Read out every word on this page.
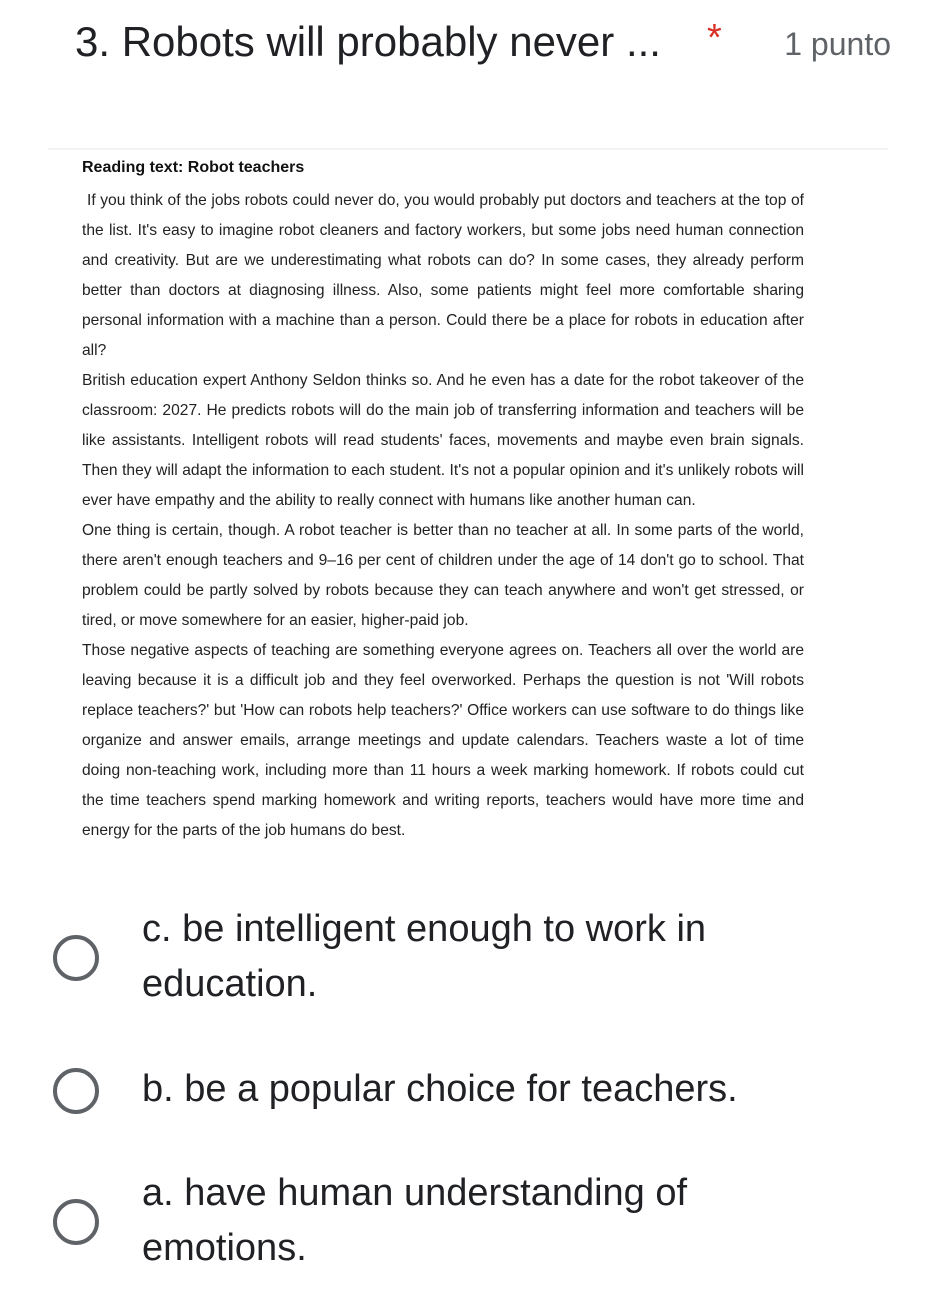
3. Robots will probably never ... * 1 punto
Reading text: Robot teachers

If you think of the jobs robots could never do, you would probably put doctors and teachers at the top of the list. It's easy to imagine robot cleaners and factory workers, but some jobs need human connection and creativity. But are we underestimating what robots can do? In some cases, they already perform better than doctors at diagnosing illness. Also, some patients might feel more comfortable sharing personal information with a machine than a person. Could there be a place for robots in education after all?

British education expert Anthony Seldon thinks so. And he even has a date for the robot takeover of the classroom: 2027. He predicts robots will do the main job of transferring information and teachers will be like assistants. Intelligent robots will read students' faces, movements and maybe even brain signals. Then they will adapt the information to each student. It's not a popular opinion and it's unlikely robots will ever have empathy and the ability to really connect with humans like another human can.

One thing is certain, though. A robot teacher is better than no teacher at all. In some parts of the world, there aren't enough teachers and 9–16 per cent of children under the age of 14 don't go to school. That problem could be partly solved by robots because they can teach anywhere and won't get stressed, or tired, or move somewhere for an easier, higher-paid job.

Those negative aspects of teaching are something everyone agrees on. Teachers all over the world are leaving because it is a difficult job and they feel overworked. Perhaps the question is not 'Will robots replace teachers?' but 'How can robots help teachers?' Office workers can use software to do things like organize and answer emails, arrange meetings and update calendars. Teachers waste a lot of time doing non-teaching work, including more than 11 hours a week marking homework. If robots could cut the time teachers spend marking homework and writing reports, teachers would have more time and energy for the parts of the job humans do best.

c. be intelligent enough to work in education.
b. be a popular choice for teachers.
a. have human understanding of emotions.
